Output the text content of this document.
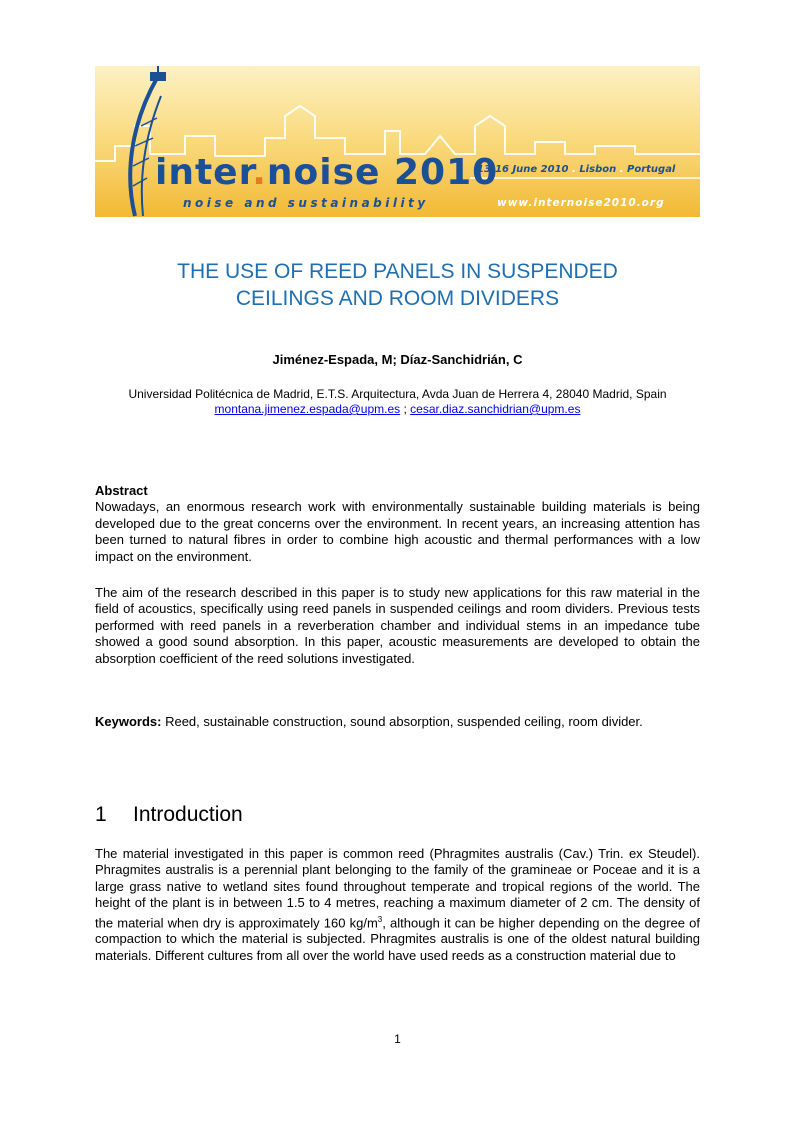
inter.noise 2010
noise and sustainability
13-16 June 2010 . Lisbon . Portugal
www.internoise2010.org
THE USE OF REED PANELS IN SUSPENDED
CEILINGS AND ROOM DIVIDERS
Jiménez-Espada, M; Díaz-Sanchidrián, C
Universidad Politécnica de Madrid, E.T.S. Arquitectura, Avda Juan de Herrera 4, 28040 Madrid, Spain
montana.jimenez.espada@upm.es ; cesar.diaz.sanchidrian@upm.es
Abstract
Nowadays, an enormous research work with environmentally sustainable building materials is being developed due to the great concerns over the environment. In recent years, an increasing attention has been turned to natural fibres in order to combine high acoustic and thermal performances with a low impact on the environment.
The aim of the research described in this paper is to study new applications for this raw material in the field of acoustics, specifically using reed panels in suspended ceilings and room dividers. Previous tests performed with reed panels in a reverberation chamber and individual stems in an impedance tube showed a good sound absorption. In this paper, acoustic measurements are developed to obtain the absorption coefficient of the reed solutions investigated.
Keywords: Reed, sustainable construction, sound absorption, suspended ceiling, room divider.
1 Introduction
The material investigated in this paper is common reed (Phragmites australis (Cav.) Trin. ex Steudel). Phragmites australis is a perennial plant belonging to the family of the gramineae or Poceae and it is a large grass native to wetland sites found throughout temperate and tropical regions of the world. The height of the plant is in between 1.5 to 4 metres, reaching a maximum diameter of 2 cm. The density of the material when dry is approximately 160 $kg/m^3$, although it can be higher depending on the degree of compaction to which the material is subjected. Phragmites australis is one of the oldest natural building materials. Different cultures from all over the world have used reeds as a construction material due to
1
